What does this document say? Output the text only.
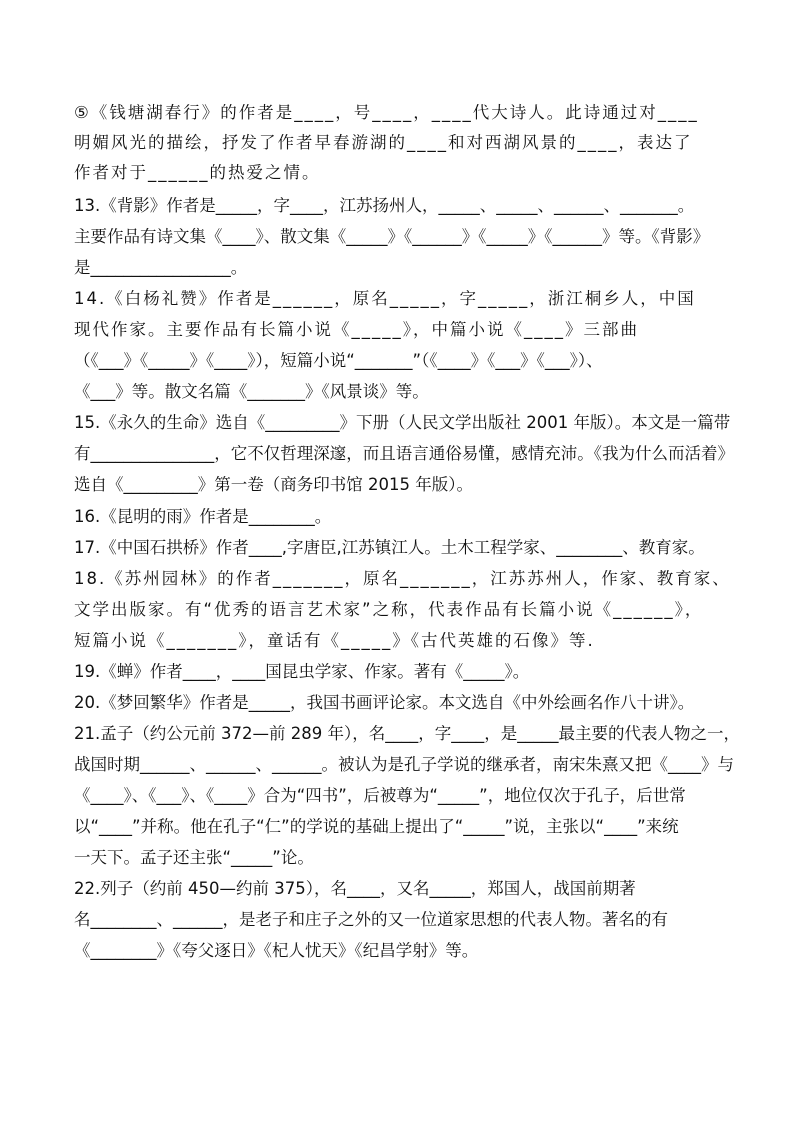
⑤《钱塘湖春行》的作者是____，号____，____代大诗人。此诗通过对____
明媚风光的描绘，抒发了作者早春游湖的____和对西湖风景的____，表达了
作者对于______的热爱之情。
13.《背影》作者是_____，字____，江苏扬州人，_____、_____、______、_______。
主要作品有诗文集《____》、散文集《_____》《______》《_____》《______》等。《背影》
是_________________。
14.《白杨礼赞》作者是______，原名_____，字_____，浙江桐乡人，中国
现代作家。主要作品有长篇小说《_____》，中篇小说《____》三部曲
（《___》《_____》《____》），短篇小说“_______”（《____》《___》《___》）、
《___》等。散文名篇《_______》《风景谈》等。
15.《永久的生命》选自《_________》下册（人民文学出版社 2001 年版）。本文是一篇带
有_______________，它不仅哲理深邃，而且语言通俗易懂，感情充沛。《我为什么而活着》
选自《_________》第一卷（商务印书馆 2015 年版）。
16.《昆明的雨》作者是________。
17.《中国石拱桥》作者____,字唐臣,江苏镇江人。土木工程学家、________、教育家。
18.《苏州园林》的作者_______，原名_______，江苏苏州人，作家、教育家、
文学出版家。有“优秀的语言艺术家”之称，代表作品有长篇小说《______》，
短篇小说《_______》，童话有《_____》《古代英雄的石像》等.
19.《蝉》作者____，____国昆虫学家、作家。著有《_____》。
20.《梦回繁华》作者是_____，我国书画评论家。本文选自《中外绘画名作八十讲》。
21.孟子（约公元前 372—前 289 年），名____，字____，是_____最主要的代表人物之一，
战国时期______、______、______。被认为是孔子学说的继承者，南宋朱熹又把《____》与
《____》、《___》、《____》合为“四书”，后被尊为“_____”，地位仅次于孔子，后世常
以“____”并称。他在孔子“仁”的学说的基础上提出了“_____”说，主张以“____”来统
一天下。孟子还主张“_____”论。
22.列子（约前 450—约前 375），名____，又名_____，郑国人，战国前期著
名________、______，是老子和庄子之外的又一位道家思想的代表人物。著名的有
《________》《夸父逐日》《杞人忧天》《纪昌学射》等。
